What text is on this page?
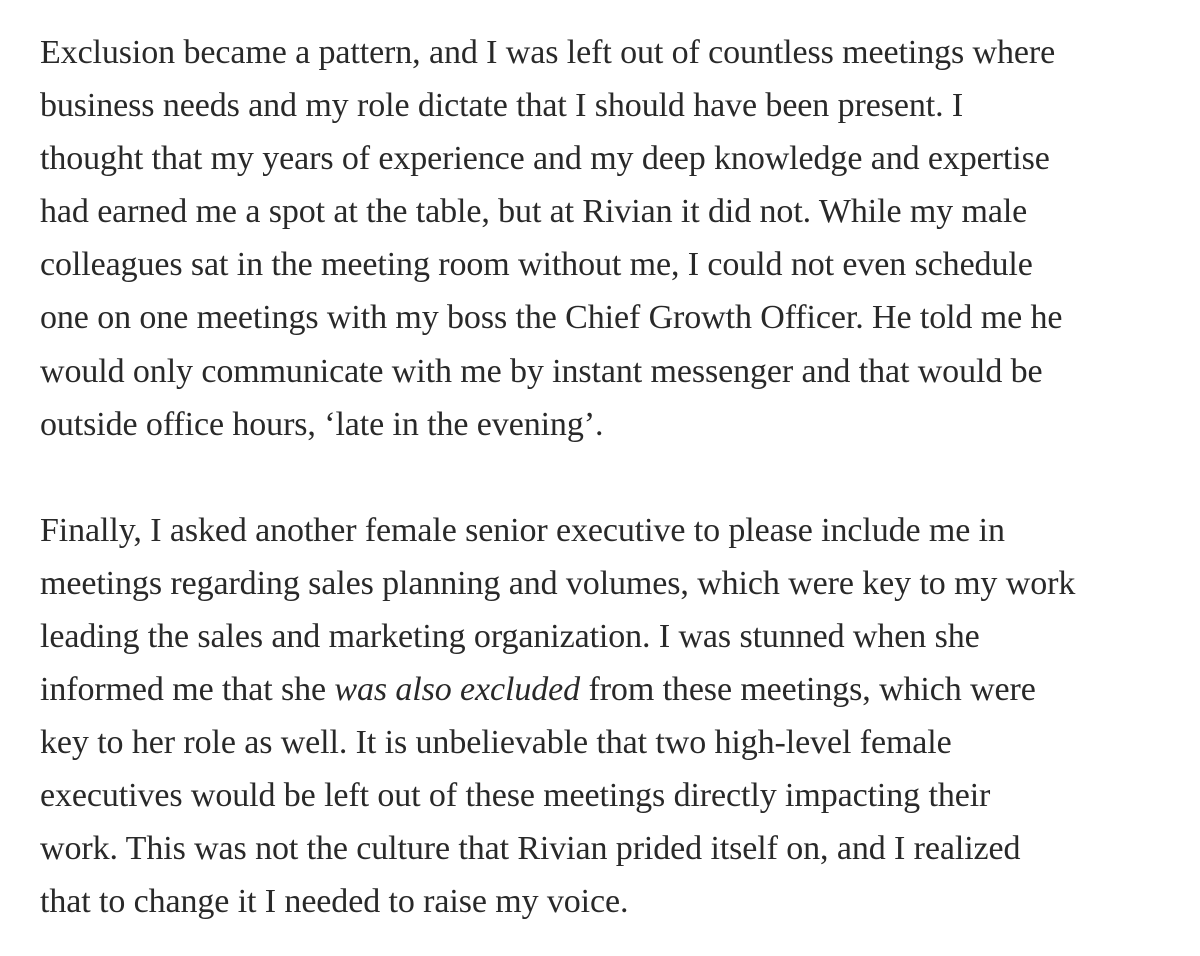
Exclusion became a pattern, and I was left out of countless meetings where
business needs and my role dictate that I should have been present. I
thought that my years of experience and my deep knowledge and expertise
had earned me a spot at the table, but at Rivian it did not. While my male
colleagues sat in the meeting room without me, I could not even schedule
one on one meetings with my boss the Chief Growth Officer. He told me he
would only communicate with me by instant messenger and that would be
outside office hours, ‘late in the evening’.

Finally, I asked another female senior executive to please include me in
meetings regarding sales planning and volumes, which were key to my work
leading the sales and marketing organization. I was stunned when she
informed me that she was also excluded from these meetings, which were
key to her role as well. It is unbelievable that two high-level female
executives would be left out of these meetings directly impacting their
work. This was not the culture that Rivian prided itself on, and I realized
that to change it I needed to raise my voice.
